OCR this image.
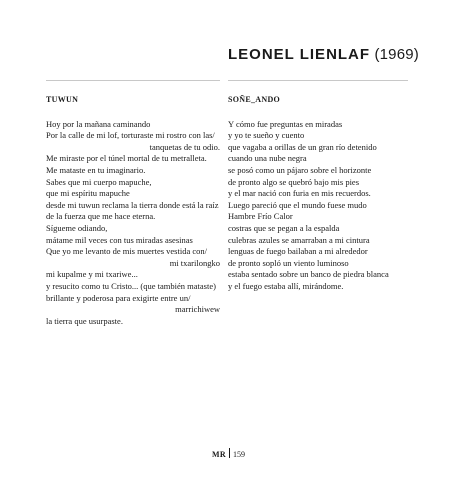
LEONEL LIENLAF (1969)
TUWUN
Hoy por la mañana caminando
Por la calle de mi lof, torturaste mi rostro con las/
tanquetas de tu odio.
Me miraste por el túnel mortal de tu metralleta.
Me mataste en tu imaginario.
Sabes que mi cuerpo mapuche,
que mi espíritu mapuche
desde mi tuwun reclama la tierra donde está la raíz
de la fuerza que me hace eterna.
Sígueme odiando,
mátame mil veces con tus miradas asesinas
Que yo me levanto de mis muertes vestida con/
mi txarilongko
mi kupalme y mi txariwe...
y resucito como tu Cristo... (que también mataste)
brillante y poderosa para exigirte entre un/
marrichiwew
la tierra que usurpaste.
SOÑE_ANDO
Y cómo fue preguntas en miradas
y yo te sueño y cuento
que vagaba a orillas de un gran río detenido
cuando una nube negra
se posó como un pájaro sobre el horizonte
de pronto algo se quebró bajo mis pies
y el mar nació con furia en mis recuerdos.
Luego pareció que el mundo fuese mudo
Hambre Frío Calor
costras que se pegan a la espalda
culebras azules se amarraban a mi cintura
lenguas de fuego bailaban a mi alrededor
de pronto sopló un viento luminoso
estaba sentado sobre un banco de piedra blanca
y el fuego estaba allí, mirándome.
MR 159
